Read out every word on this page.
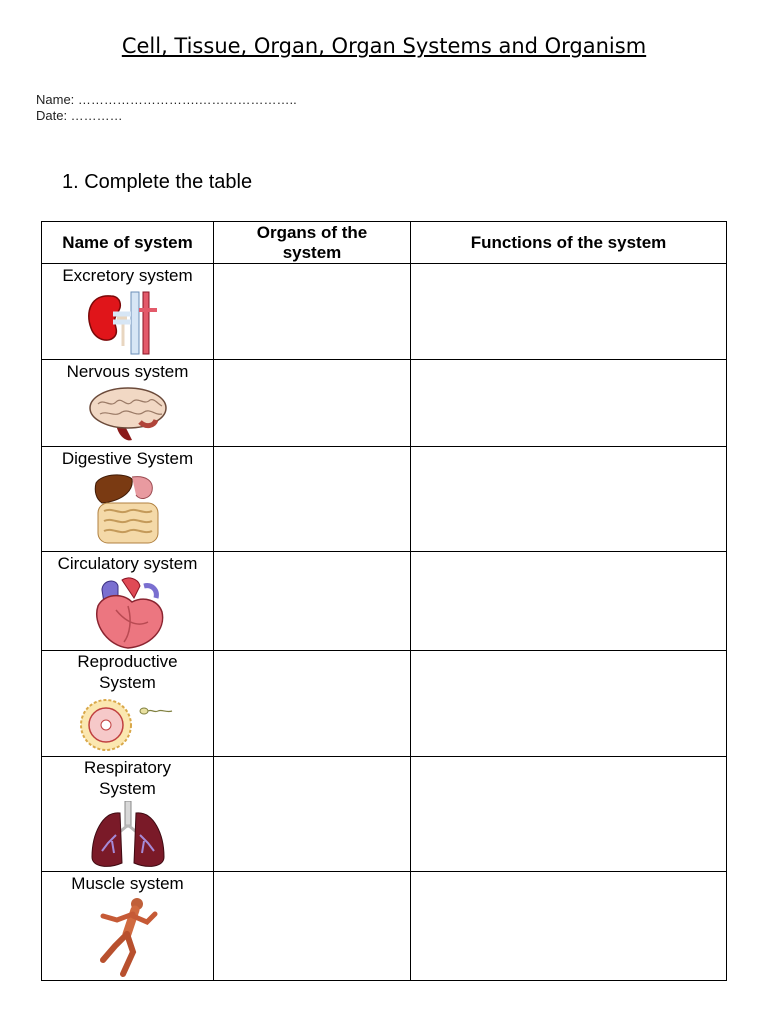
Cell, Tissue, Organ, Organ Systems and Organism
Name: ……………………….…………………..
Date: …………
1. Complete the table
Name of system	Organs of the system	Functions of the system

Excretory system		

Nervous system		

Digestive System		

Circulatory system		

Reproductive System		

Respiratory System		

Muscle system		
